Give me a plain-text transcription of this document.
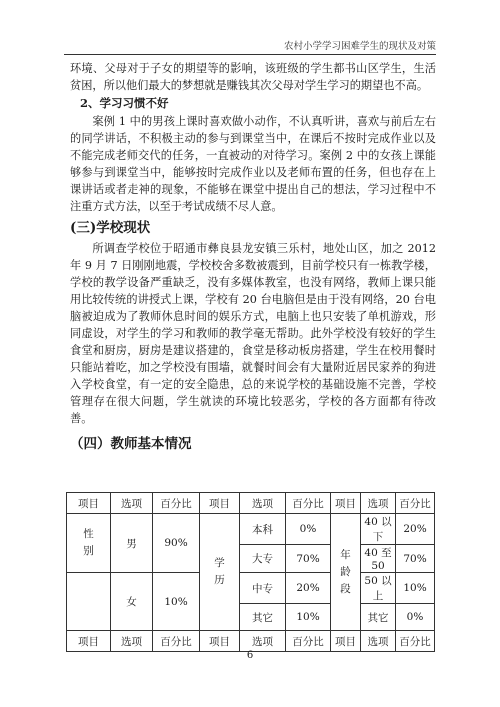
农村小学学习困难学生的现状及对策

环境、父母对于子女的期望等的影响，该班级的学生都书山区学生，生活贫困，所以他们最大的梦想就是赚钱其次父母对学生学习的期望也不高。

2、学习习惯不好

案例 1 中的男孩上课时喜欢做小动作，不认真听讲，喜欢与前后左右的同学讲话，不积极主动的参与到课堂当中，在课后不按时完成作业以及不能完成老师交代的任务，一直被动的对待学习。案例 2 中的女孩上课能够参与到课堂当中，能够按时完成作业以及老师布置的任务，但也存在上课讲话或者走神的现象，不能够在课堂中提出自己的想法，学习过程中不注重方式方法，以至于考试成绩不尽人意。

(三)学校现状

所调查学校位于昭通市彝良县龙安镇三乐村，地处山区，加之 2012 年 9 月 7 日刚刚地震，学校校舍多数被震到，目前学校只有一栋教学楼，学校的教学设备严重缺乏，没有多媒体教室，也没有网络，教师上课只能用比较传统的讲授式上课，学校有 20 台电脑但是由于没有网络，20 台电脑被迫成为了教师休息时间的娱乐方式，电脑上也只安装了单机游戏，形同虚设，对学生的学习和教师的教学毫无帮助。此外学校没有较好的学生食堂和厨房，厨房是建议搭建的，食堂是移动板房搭建，学生在校用餐时只能站着吃，加之学校没有围墙，就餐时间会有大量附近居民家养的狗进入学校食堂，有一定的安全隐患，总的来说学校的基础设施不完善，学校管理存在很大问题，学生就读的环境比较恶劣，学校的各方面都有待改善。

（四）教师基本情况

项目	选项	百分比	项目	选项	百分比	项目	选项	百分比
性别	男	90%	学历	本科	0%	年龄段	40 以下	20%
				大专	70%		40 至 50	70%
	女	10%		中专	20%		50 以上	10%
				其它	10%		其它	0%
项目	选项	百分比	项目	选项	百分比	项目	选项	百分比
6
